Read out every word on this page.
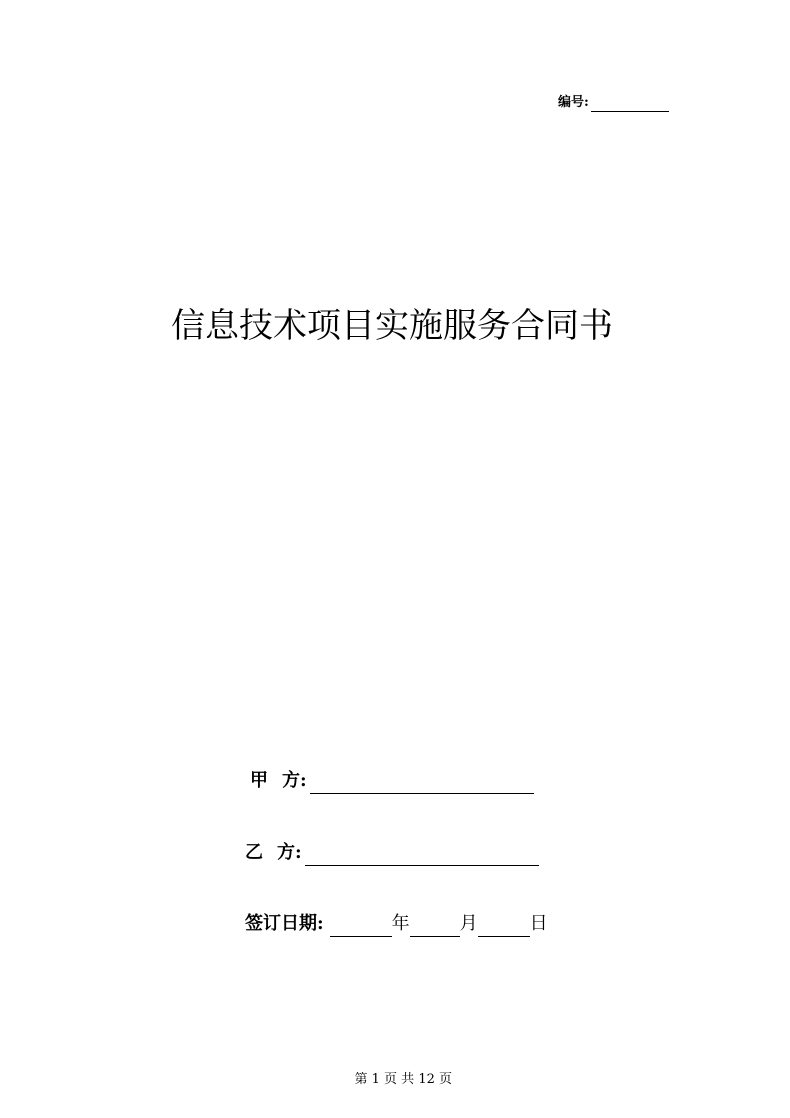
编号:
信息技术项目实施服务合同书
甲 方:
乙 方:
签订日期:	年	月	日

第 1 页 共 12 页
